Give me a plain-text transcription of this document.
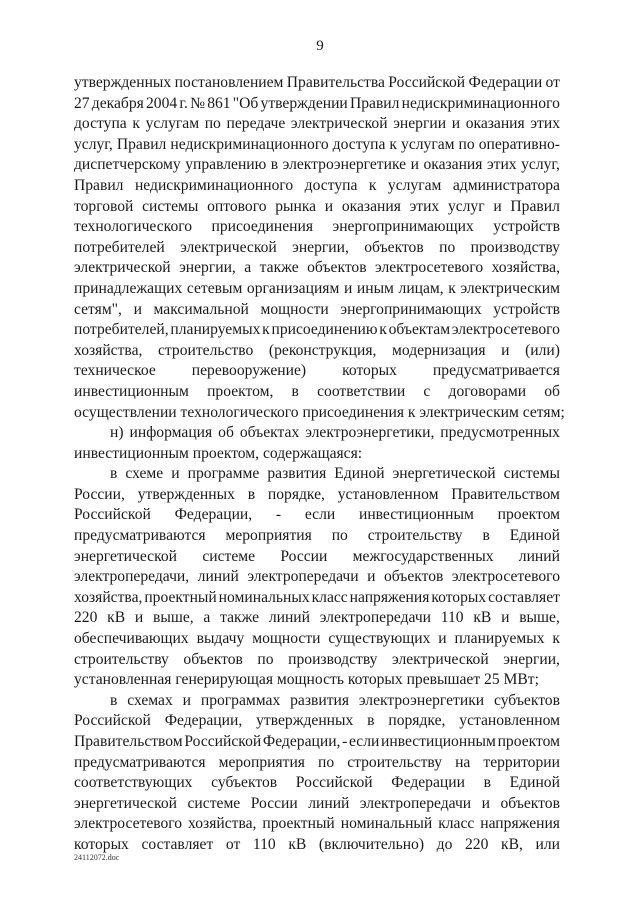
9
утвержденных постановлением Правительства Российской Федерации от
27 декабря 2004 г. № 861 "Об утверждении Правил недискриминационного
доступа к услугам по передаче электрической энергии и оказания этих
услуг, Правил недискриминационного доступа к услугам по оперативно-
диспетчерскому управлению в электроэнергетике и оказания этих услуг,
Правил недискриминационного доступа к услугам администратора
торговой системы оптового рынка и оказания этих услуг и Правил
технологического присоединения энергопринимающих устройств
потребителей электрической энергии, объектов по производству
электрической энергии, а также объектов электросетевого хозяйства,
принадлежащих сетевым организациям и иным лицам, к электрическим
сетям", и максимальной мощности энергопринимающих устройств
потребителей, планируемых к присоединению к объектам электросетевого
хозяйства, строительство (реконструкция, модернизация и (или)
техническое перевооружение) которых предусматривается
инвестиционным проектом, в соответствии с договорами об
осуществлении технологического присоединения к электрическим сетям;
н) информация об объектах электроэнергетики, предусмотренных
инвестиционным проектом, содержащаяся:
в схеме и программе развития Единой энергетической системы
России, утвержденных в порядке, установленном Правительством
Российской Федерации, - если инвестиционным проектом
предусматриваются мероприятия по строительству в Единой
энергетической системе России межгосударственных линий
электропередачи, линий электропередачи и объектов электросетевого
хозяйства, проектный номинальных класс напряжения которых составляет
220 кВ и выше, а также линий электропередачи 110 кВ и выше,
обеспечивающих выдачу мощности существующих и планируемых к
строительству объектов по производству электрической энергии,
установленная генерирующая мощность которых превышает 25 МВт;
в схемах и программах развития электроэнергетики субъектов
Российской Федерации, утвержденных в порядке, установленном
Правительством Российской Федерации, - если инвестиционным проектом
предусматриваются мероприятия по строительству на территории
соответствующих субъектов Российской Федерации в Единой
энергетической системе России линий электропередачи и объектов
электросетевого хозяйства, проектный номинальный класс напряжения
которых составляет от 110 кВ (включительно) до 220 кВ, или
24112072.doc
